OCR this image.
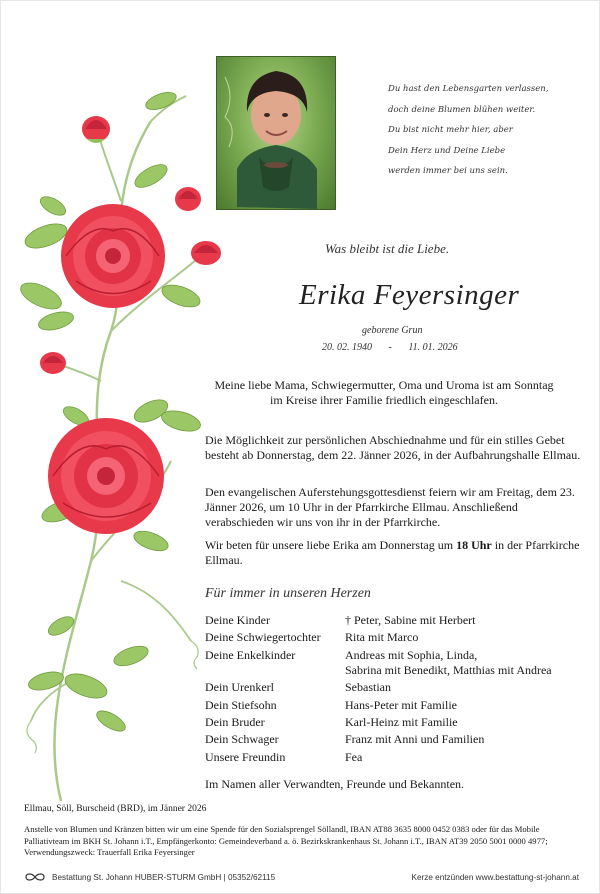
Du hast den Lebensgarten verlassen,
doch deine Blumen blühen weiter.
Du bist nicht mehr hier, aber
Dein Herz und Deine Liebe
werden immer bei uns sein.
Was bleibt ist die Liebe.
Erika Feyersinger
geborene Grun
20. 02. 1940 - 11. 01. 2026
Meine liebe Mama, Schwiegermutter, Oma und Uroma ist am Sonntag im Kreise ihrer Familie friedlich eingeschlafen.
Die Möglichkeit zur persönlichen Abschiednahme und für ein stilles Gebet besteht ab Donnerstag, dem 22. Jänner 2026, in der Aufbahrungshalle Ellmau.
Den evangelischen Auferstehungsgottesdienst feiern wir am Freitag, dem 23. Jänner 2026, um 10 Uhr in der Pfarrkirche Ellmau. Anschließend verabschieden wir uns von ihr in der Pfarrkirche.
Wir beten für unsere liebe Erika am Donnerstag um 18 Uhr in der Pfarrkirche Ellmau.
Für immer in unseren Herzen
Deine Kinder	† Peter, Sabine mit Herbert
Deine Schwiegertochter	Rita mit Marco
Deine Enkelkinder	Andreas mit Sophia, Linda,
Sabrina mit Benedikt, Matthias mit Andrea
Dein Urenkerl	Sebastian
Dein Stiefsohn	Hans-Peter mit Familie
Dein Bruder	Karl-Heinz mit Familie
Dein Schwager	Franz mit Anni und Familien
Unsere Freundin	Fea
Im Namen aller Verwandten, Freunde und Bekannten.
Ellmau, Söll, Burscheid (BRD), im Jänner 2026
Anstelle von Blumen und Kränzen bitten wir um eine Spende für den Sozialsprengel Söllandl, IBAN AT88 3635 8000 0452 0383 oder für das Mobile Palliativteam im BKH St. Johann i.T., Empfängerkonto: Gemeindeverband a. ö. Bezirkskrankenhaus St. Johann i.T., IBAN AT39 2050 5001 0000 4977; Verwendungszweck: Trauerfall Erika Feyersinger
Bestattung St. Johann HUBER-STURM GmbH | 05352/62115	Kerze entzünden www.bestattung-st-johann.at
